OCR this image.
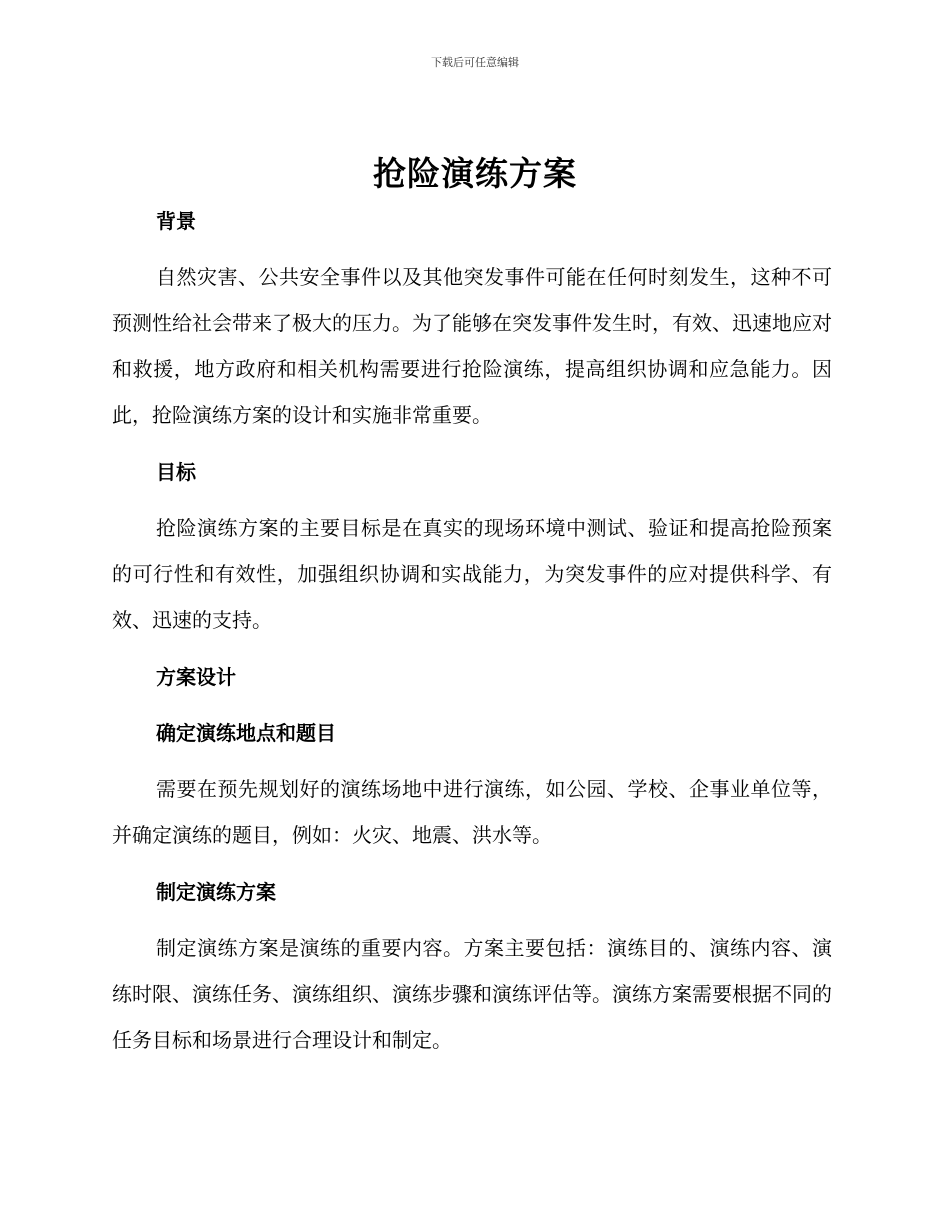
下载后可任意编辑
抢险演练方案

背景

自然灾害、公共安全事件以及其他突发事件可能在任何时刻发生，这种不可预测性给社会带来了极大的压力。为了能够在突发事件发生时，有效、迅速地应对和救援，地方政府和相关机构需要进行抢险演练，提高组织协调和应急能力。因此，抢险演练方案的设计和实施非常重要。

目标

抢险演练方案的主要目标是在真实的现场环境中测试、验证和提高抢险预案的可行性和有效性，加强组织协调和实战能力，为突发事件的应对提供科学、有效、迅速的支持。

方案设计

确定演练地点和题目

需要在预先规划好的演练场地中进行演练，如公园、学校、企事业单位等，并确定演练的题目，例如：火灾、地震、洪水等。

制定演练方案

制定演练方案是演练的重要内容。方案主要包括：演练目的、演练内容、演练时限、演练任务、演练组织、演练步骤和演练评估等。演练方案需要根据不同的任务目标和场景进行合理设计和制定。
